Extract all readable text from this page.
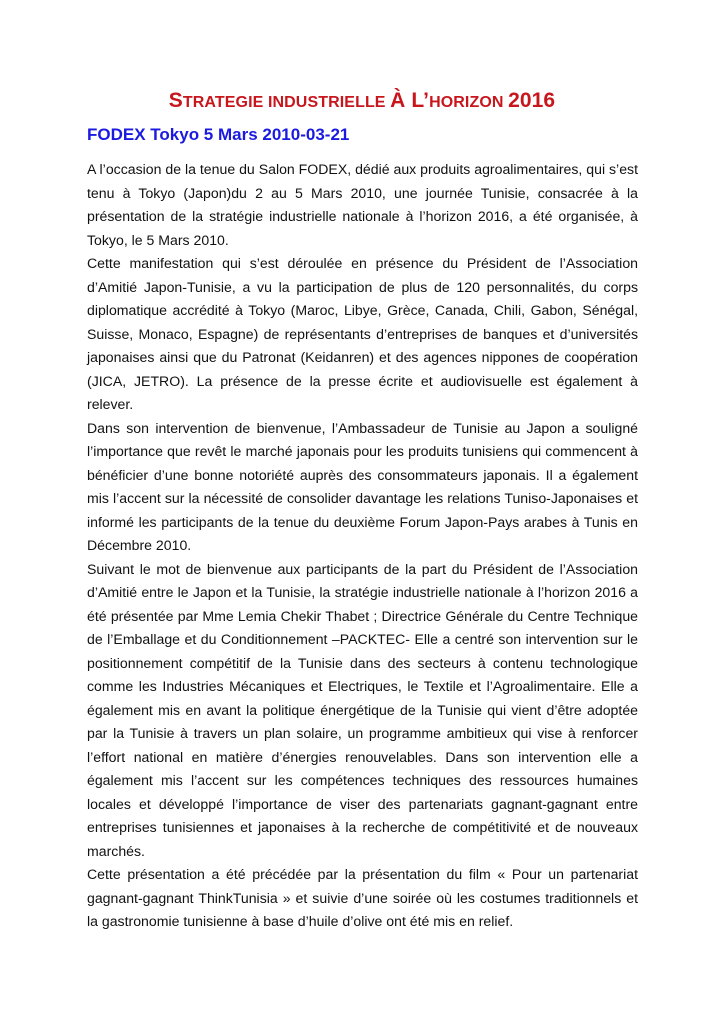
STRATEGIE INDUSTRIELLE À L’HORIZON 2016
FODEX Tokyo 5 Mars 2010-03-21

A l’occasion de la tenue du Salon FODEX, dédié aux produits agroalimentaires, qui s’est tenu à Tokyo (Japon)du 2 au 5 Mars 2010, une journée Tunisie, consacrée à la présentation de la stratégie industrielle nationale à l’horizon 2016, a été organisée, à Tokyo, le 5 Mars 2010.

Cette manifestation qui s’est déroulée en présence du Président de l’Association d’Amitié Japon-Tunisie, a vu la participation de plus de 120 personnalités, du corps diplomatique accrédité à Tokyo (Maroc, Libye, Grèce, Canada, Chili, Gabon, Sénégal, Suisse, Monaco, Espagne) de représentants d’entreprises de banques et d’universités japonaises ainsi que du Patronat (Keidanren) et des agences nippones de coopération (JICA, JETRO). La présence de la presse écrite et audiovisuelle est également à relever.

Dans son intervention de bienvenue, l’Ambassadeur de Tunisie au Japon a souligné l’importance que revêt le marché japonais pour les produits tunisiens qui commencent à bénéficier d’une bonne notoriété auprès des consommateurs japonais. Il a également mis l’accent sur la nécessité de consolider davantage les relations Tuniso-Japonaises et informé les participants de la tenue du deuxième Forum Japon-Pays arabes à Tunis en Décembre 2010.

Suivant le mot de bienvenue aux participants de la part du Président de l’Association d’Amitié entre le Japon et la Tunisie, la stratégie industrielle nationale à l’horizon 2016 a été présentée par Mme Lemia Chekir Thabet ; Directrice Générale du Centre Technique de l’Emballage et du Conditionnement –PACKTEC- Elle a centré son intervention sur le positionnement compétitif de la Tunisie dans des secteurs à contenu technologique comme les Industries Mécaniques et Electriques, le Textile et l’Agroalimentaire. Elle a également mis en avant la politique énergétique de la Tunisie qui vient d’être adoptée par la Tunisie à travers un plan solaire, un programme ambitieux qui vise à renforcer l’effort national en matière d’énergies renouvelables. Dans son intervention elle a également mis l’accent sur les compétences techniques des ressources humaines locales et développé l’importance de viser des partenariats gagnant-gagnant entre entreprises tunisiennes et japonaises à la recherche de compétitivité et de nouveaux marchés.

Cette présentation a été précédée par la présentation du film « Pour un partenariat gagnant-gagnant ThinkTunisia » et suivie d’une soirée où les costumes traditionnels et la gastronomie tunisienne à base d’huile d’olive ont été mis en relief.
